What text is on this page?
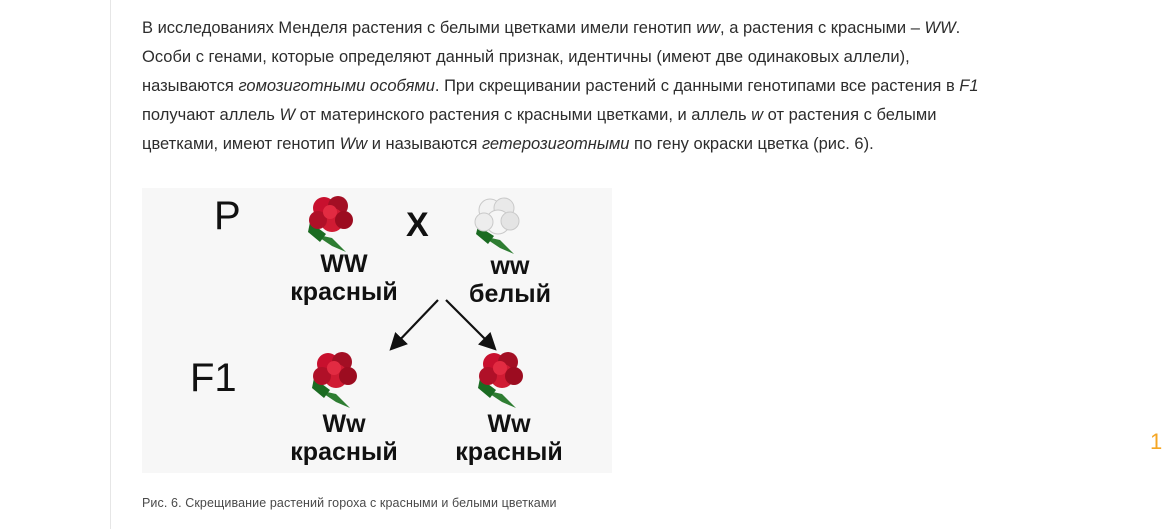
В исследованиях Менделя растения с белыми цветками имели генотип ww, а растения с красными – WW. Особи с генами, которые определяют данный признак, идентичны (имеют две одинаковых аллели), называются гомозиготными особями. При скрещивании растений с данными генотипами все растения в F1 получают аллель W от материнского растения с красными цветками, и аллель w от растения с белыми цветками, имеют генотип Ww и называются гетерозиготными по гену окраски цветка (рис. 6).

P
F1
X
WW
красный
ww
белый
Ww
красный
Ww
красный
Рис. 6. Скрещивание растений гороха с красными и белыми цветками
1
